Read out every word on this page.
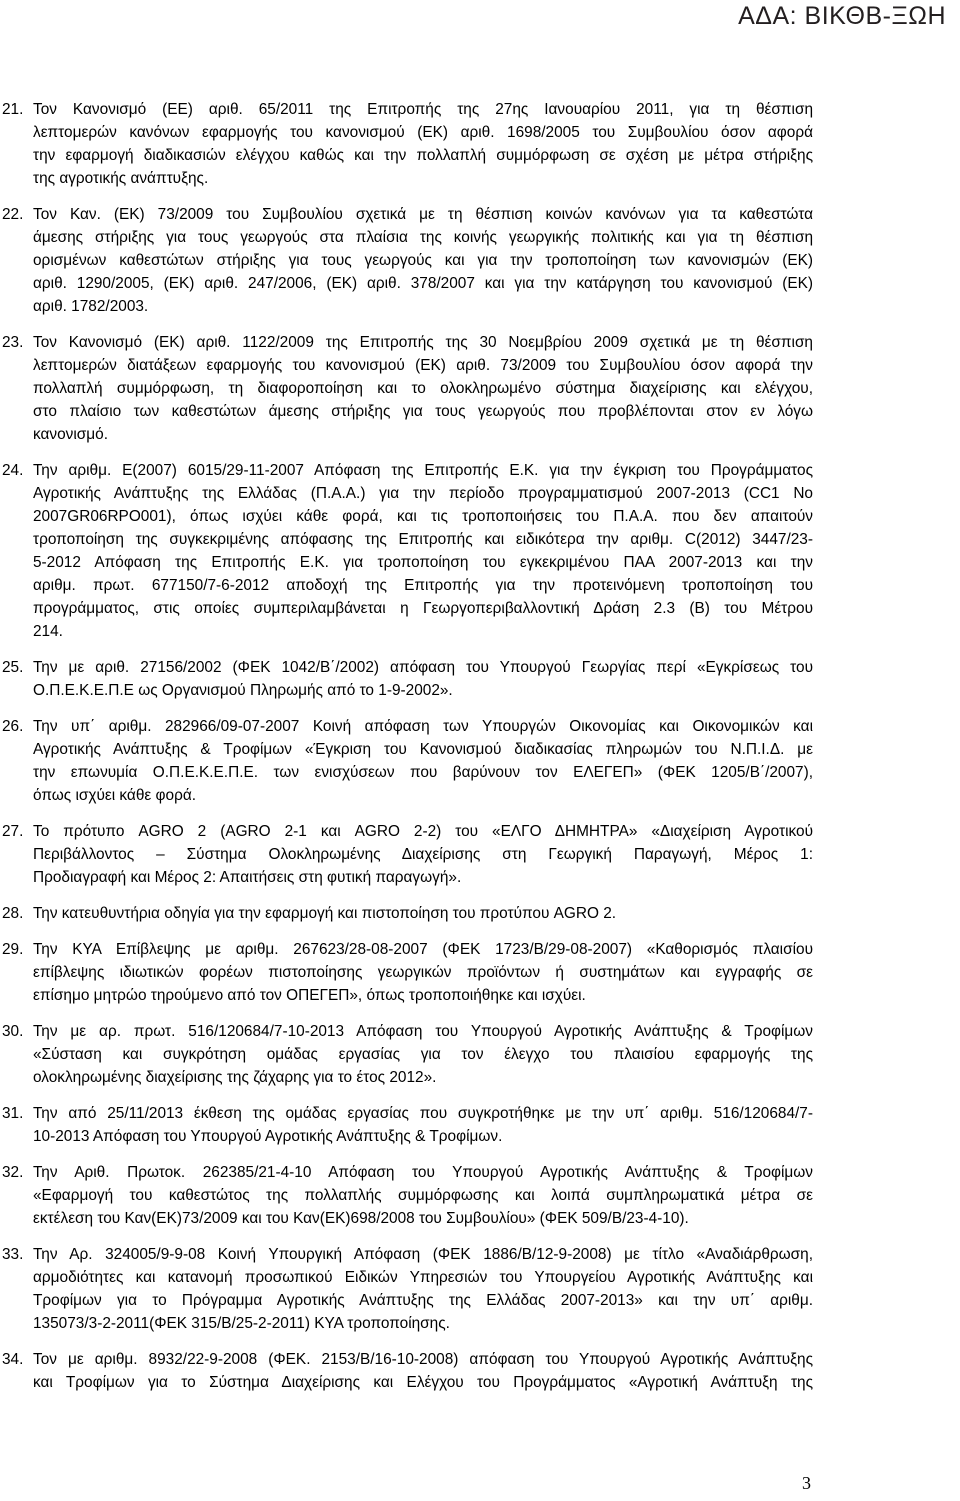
ΑΔΑ: ΒΙΚΘΒ-ΞΩΗ
21. Τον Κανονισμό (ΕΕ) αριθ. 65/2011 της Επιτροπής της 27ης Ιανουαρίου 2011, για τη θέσπιση
λεπτομερών κανόνων εφαρμογής του κανονισμού (ΕΚ) αριθ. 1698/2005 του Συμβουλίου όσον αφορά
την εφαρμογή διαδικασιών ελέγχου καθώς και την πολλαπλή συμμόρφωση σε σχέση με μέτρα στήριξης
της αγροτικής ανάπτυξης.
22. Τον Καν. (ΕΚ) 73/2009 του Συμβουλίου σχετικά με τη θέσπιση κοινών κανόνων για τα καθεστώτα
άμεσης στήριξης για τους γεωργούς στα πλαίσια της κοινής γεωργικής πολιτικής και για τη θέσπιση
ορισμένων καθεστώτων στήριξης για τους γεωργούς και για την τροποποίηση των κανονισμών (ΕΚ)
αριθ. 1290/2005, (ΕΚ) αριθ. 247/2006, (ΕΚ) αριθ. 378/2007 και για την κατάργηση του κανονισμού (ΕΚ)
αριθ. 1782/2003.
23. Τον Κανονισμό (ΕΚ) αριθ. 1122/2009 της Επιτροπής της 30 Νοεμβρίου 2009 σχετικά με τη θέσπιση
λεπτομερών διατάξεων εφαρμογής του κανονισμού (ΕΚ) αριθ. 73/2009 του Συμβουλίου όσον αφορά την
πολλαπλή συμμόρφωση, τη διαφοροποίηση και το ολοκληρωμένο σύστημα διαχείρισης και ελέγχου,
στο πλαίσιο των καθεστώτων άμεσης στήριξης για τους γεωργούς που προβλέπονται στον εν λόγω
κανονισμό.
24. Την αριθμ. Ε(2007) 6015/29-11-2007 Απόφαση της Επιτροπής Ε.Κ. για την έγκριση του Προγράμματος
Αγροτικής Ανάπτυξης της Ελλάδας (Π.Α.Α.) για την περίοδο προγραμματισμού 2007-2013 (CC1 No
2007GR06RPO001), όπως ισχύει κάθε φορά, και τις τροποποιήσεις του Π.Α.Α. που δεν απαιτούν
τροποποίηση της συγκεκριμένης απόφασης της Επιτροπής και ειδικότερα την αριθμ. C(2012) 3447/23-
5-2012 Απόφαση της Επιτροπής Ε.Κ. για τροποποίηση του εγκεκριμένου ΠΑΑ 2007-2013 και την
αριθμ. πρωτ. 677150/7-6-2012 αποδοχή της Επιτροπής για την προτεινόμενη τροποποίηση του
προγράμματος, στις οποίες συμπεριλαμβάνεται η Γεωργοπεριβαλλοντική Δράση 2.3 (Β) του Μέτρου
214.
25. Την με αριθ. 27156/2002 (ΦΕΚ 1042/Β΄/2002) απόφαση του Υπουργού Γεωργίας περί «Εγκρίσεως του
Ο.Π.Ε.Κ.Ε.Π.Ε ως Οργανισμού Πληρωμής από το 1-9-2002».
26. Την υπ΄ αριθμ. 282966/09-07-2007 Κοινή απόφαση των Υπουργών Οικονομίας και Οικονομικών και
Αγροτικής Ανάπτυξης & Τροφίμων «Έγκριση του Κανονισμού διαδικασίας πληρωμών του Ν.Π.Ι.Δ. με
την επωνυμία Ο.Π.Ε.Κ.Ε.Π.Ε. των ενισχύσεων που βαρύνουν τον ΕΛΕΓΕΠ» (ΦΕΚ 1205/Β΄/2007),
όπως ισχύει κάθε φορά.
27. Το πρότυπο AGRO 2 (AGRO 2-1 και AGRO 2-2) του «ΕΛΓΟ ΔΗΜΗΤΡΑ» «Διαχείριση Αγροτικού
Περιβάλλοντος – Σύστημα Ολοκληρωμένης Διαχείρισης στη Γεωργική Παραγωγή, Μέρος 1:
Προδιαγραφή και Μέρος 2: Απαιτήσεις στη φυτική παραγωγή».
28. Την κατευθυντήρια οδηγία για την εφαρμογή και πιστοποίηση του προτύπου AGRO 2.
29. Την ΚΥΑ Επίβλεψης με αριθμ. 267623/28-08-2007 (ΦΕΚ 1723/Β/29-08-2007) «Καθορισμός πλαισίου
επίβλεψης ιδιωτικών φορέων πιστοποίησης γεωργικών προϊόντων ή συστημάτων και εγγραφής σε
επίσημο μητρώο τηρούμενο από τον ΟΠΕΓΕΠ», όπως τροποποιήθηκε και ισχύει.
30. Την με αρ. πρωτ. 516/120684/7-10-2013 Απόφαση του Υπουργού Αγροτικής Ανάπτυξης & Τροφίμων
«Σύσταση και συγκρότηση ομάδας εργασίας για τον έλεγχο του πλαισίου εφαρμογής της
ολοκληρωμένης διαχείρισης της ζάχαρης για το έτος 2012».
31. Την από 25/11/2013 έκθεση της ομάδας εργασίας που συγκροτήθηκε με την υπ΄ αριθμ. 516/120684/7-
10-2013 Απόφαση του Υπουργού Αγροτικής Ανάπτυξης & Τροφίμων.
32. Την Αριθ. Πρωτοκ. 262385/21-4-10 Απόφαση του Υπουργού Αγροτικής Ανάπτυξης & Τροφίμων
«Εφαρμογή του καθεστώτος της πολλαπλής συμμόρφωσης και λοιπά συμπληρωματικά μέτρα σε
εκτέλεση του Καν(ΕΚ)73/2009 και του Καν(ΕΚ)698/2008 του Συμβουλίου» (ΦΕΚ 509/Β/23-4-10).
33. Την Αρ. 324005/9-9-08 Κοινή Υπουργική Απόφαση (ΦΕΚ 1886/Β/12-9-2008) με τίτλο «Αναδιάρθρωση,
αρμοδιότητες και κατανομή προσωπικού Ειδικών Υπηρεσιών του Υπουργείου Αγροτικής Ανάπτυξης και
Τροφίμων για το Πρόγραμμα Αγροτικής Ανάπτυξης της Ελλάδας 2007-2013» και την υπ΄ αριθμ.
135073/3-2-2011(ΦΕΚ 315/Β/25-2-2011) ΚΥΑ τροποποίησης.
34. Τον με αριθμ. 8932/22-9-2008 (ΦΕΚ. 2153/Β/16-10-2008) απόφαση του Υπουργού Αγροτικής Ανάπτυξης
και Τροφίμων για το Σύστημα Διαχείρισης και Ελέγχου του Προγράμματος «Αγροτική Ανάπτυξη της
3
